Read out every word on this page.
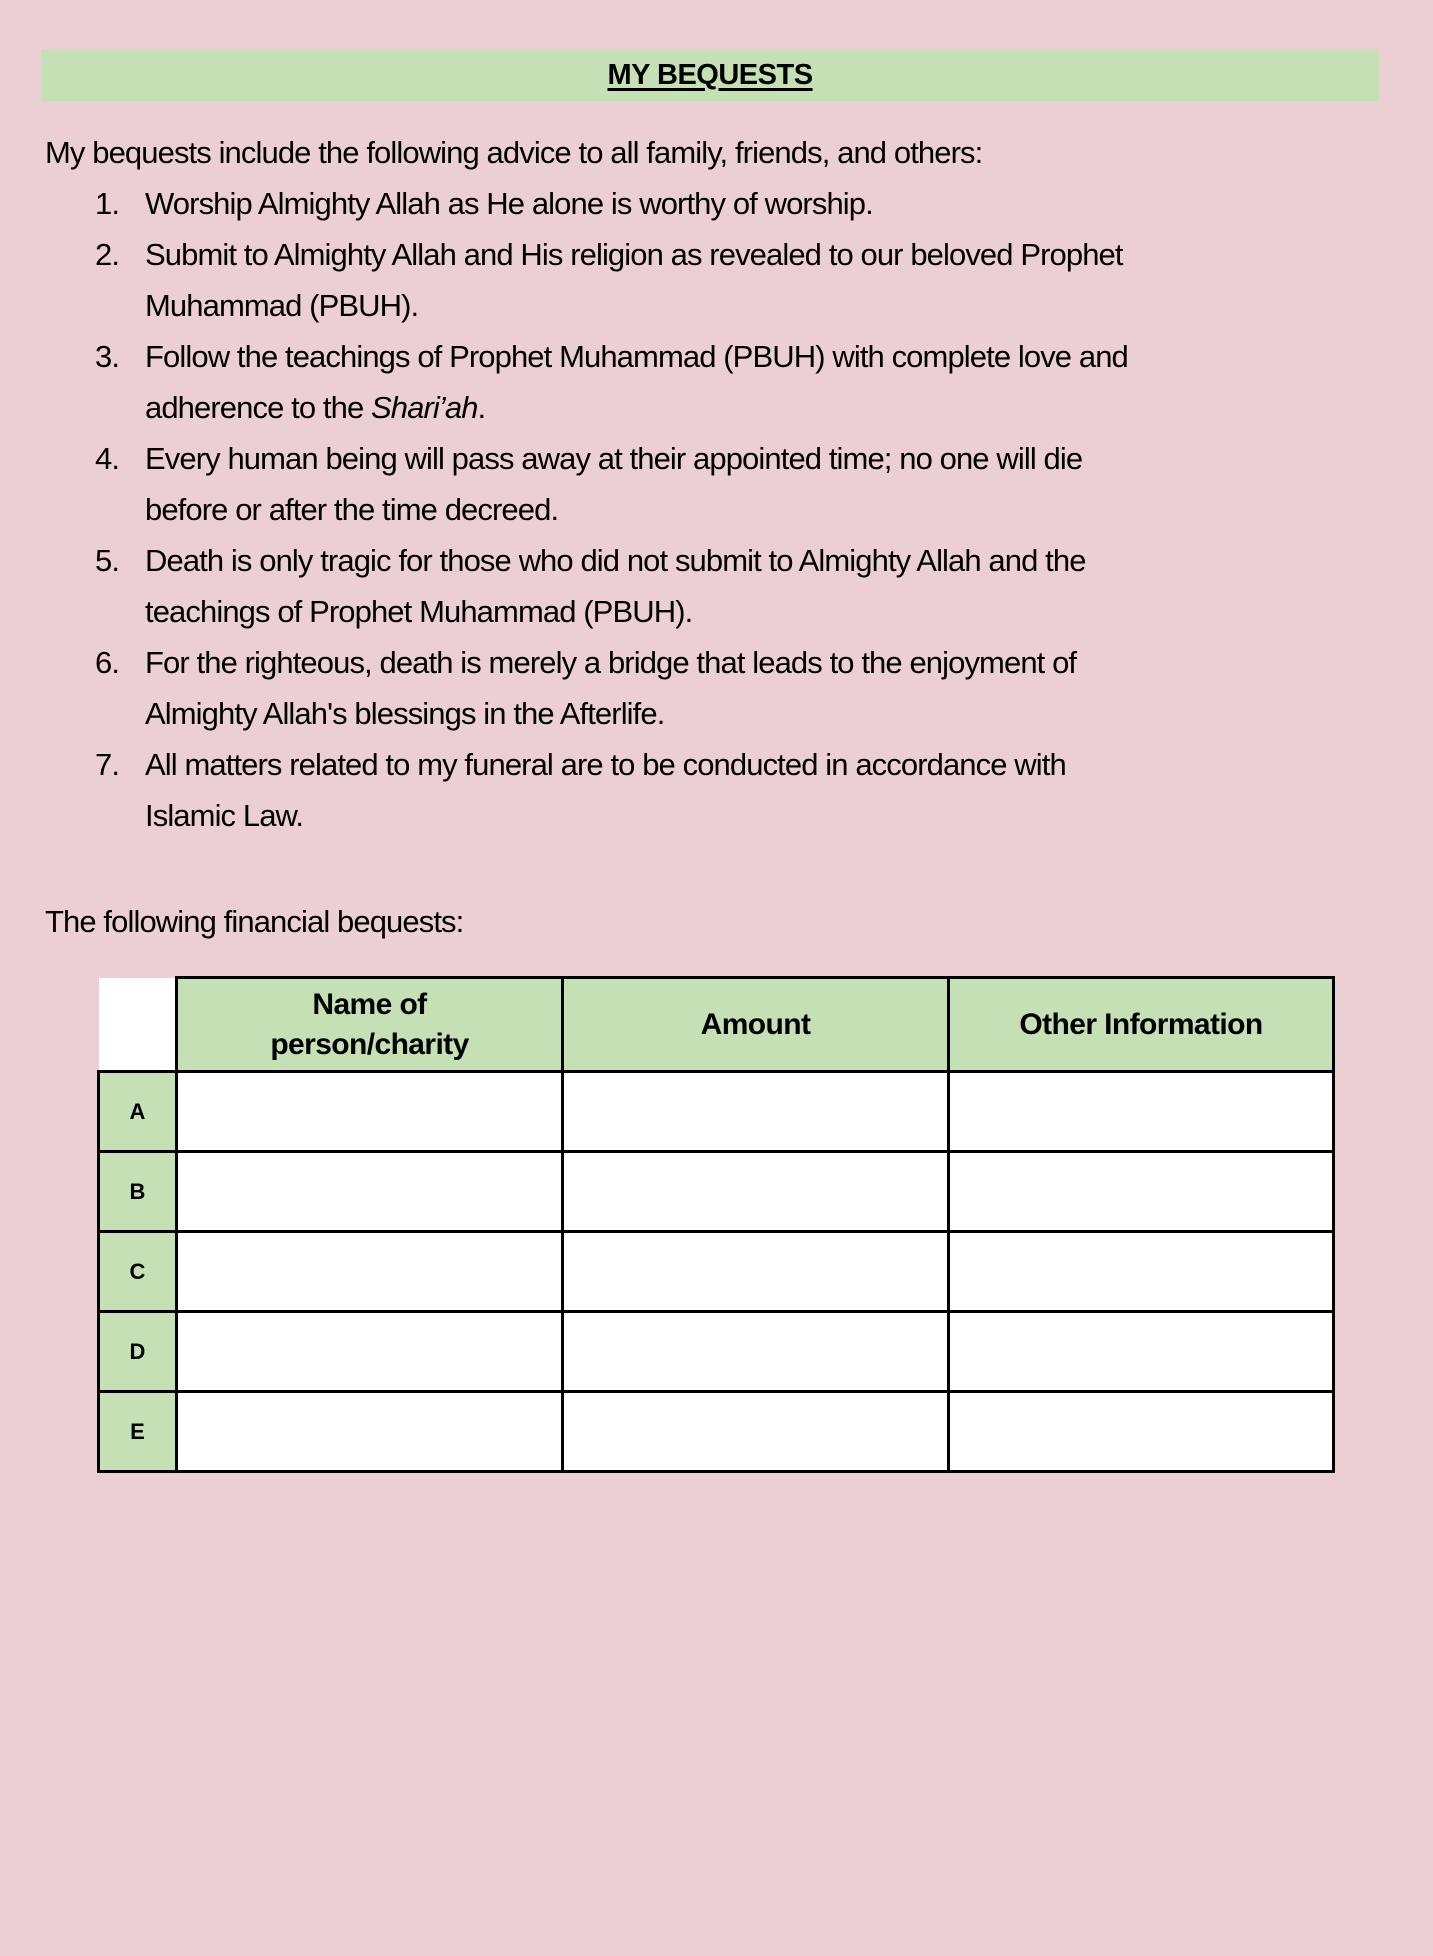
MY BEQUESTS
My bequests include the following advice to all family, friends, and others:
1. Worship Almighty Allah as He alone is worthy of worship.
2. Submit to Almighty Allah and His religion as revealed to our beloved Prophet
Muhammad (PBUH).
3. Follow the teachings of Prophet Muhammad (PBUH) with complete love and
adherence to the Shari’ah.
4. Every human being will pass away at their appointed time; no one will die
before or after the time decreed.
5. Death is only tragic for those who did not submit to Almighty Allah and the
teachings of Prophet Muhammad (PBUH).
6. For the righteous, death is merely a bridge that leads to the enjoyment of
Almighty Allah's blessings in the Afterlife.
7. All matters related to my funeral are to be conducted in accordance with
Islamic Law.
The following financial bequests:

	Name of
person/charity	Amount	Other Information
A			
B			
C			
D			
E			
